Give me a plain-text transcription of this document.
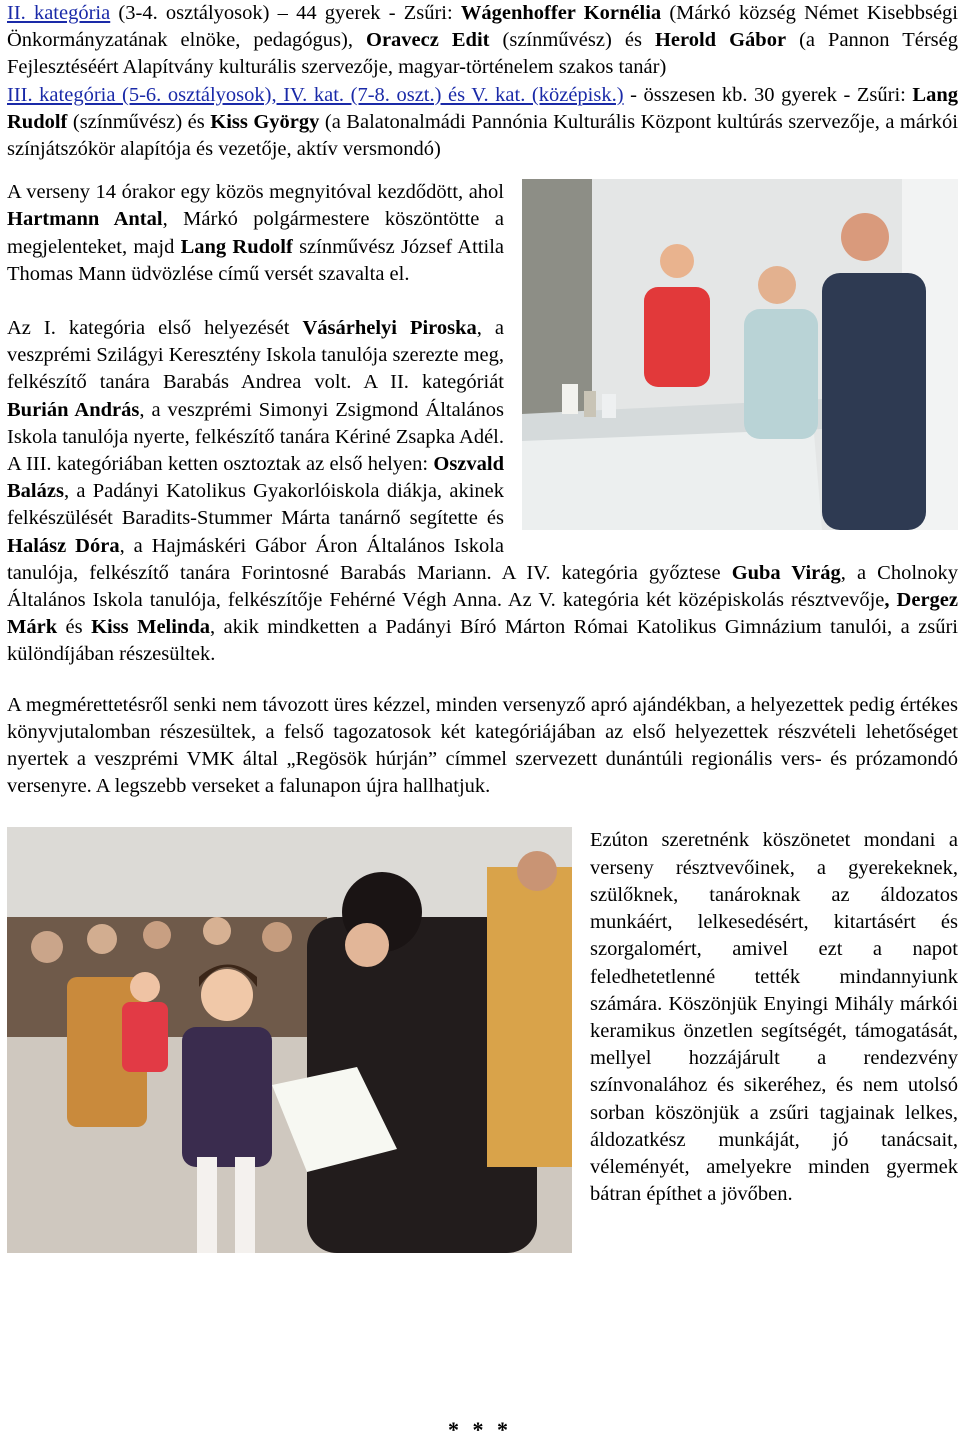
II. kategória (3-4. osztályosok) – 44 gyerek - Zsűri: Wágenhoffer Kornélia (Márkó község Német Kisebbségi Önkormányzatának elnöke, pedagógus), Oravecz Edit (színművész) és Herold Gábor (a Pannon Térség Fejlesztéséért Alapítvány kulturális szervezője, magyar-történelem szakos tanár)

III. kategória (5-6. osztályosok), IV. kat. (7-8. oszt.) és V. kat. (középisk.) - összesen kb. 30 gyerek - Zsűri: Lang Rudolf (színművész) és Kiss György (a Balatonalmádi Pannónia Kulturális Központ kultúrás szervezője, a márkói színjátszókör alapítója és vezetője, aktív versmondó)

A verseny 14 órakor egy közös megnyitóval kezdődött, ahol Hartmann Antal, Márkó polgármestere köszöntötte a megjelenteket, majd Lang Rudolf színművész József Attila Thomas Mann üdvözlése című versét szavalta el.

Az I. kategória első helyezését Vásárhelyi Piroska, a veszprémi Szilágyi Keresztény Iskola tanulója szerezte meg, felkészítő tanára Barabás Andrea volt. A II. kategóriát Burián András, a veszprémi Simonyi Zsigmond Általános Iskola tanulója nyerte, felkészítő tanára Kériné Zsapka Adél. A III. kategóriában ketten osztoztak az első helyen: Oszvald Balázs, a Padányi Katolikus Gyakorlóiskola diákja, akinek felkészülését Baradits-Stummer Márta tanárnő segítette és Halász Dóra, a Hajmáskéri Gábor Áron Általános Iskola tanulója, felkészítő tanára Forintosné Barabás Mariann. A IV. kategória győztese Guba Virág, a Cholnoky Általános Iskola tanulója, felkészítője Fehérné Végh Anna. Az V. kategória két középiskolás résztvevője, Dergez Márk és Kiss Melinda, akik mindketten a Padányi Bíró Márton Római Katolikus Gimnázium tanulói, a zsűri különdíjában részesültek.

A megmérettetésről senki nem távozott üres kézzel, minden versenyző apró ajándékban, a helyezettek pedig értékes könyvjutalomban részesültek, a felső tagozatosok két kategóriájában az első helyezettek részvételi lehetőséget nyertek a veszprémi VMK által „Regösök húrján” címmel szervezett dunántúli regionális vers- és prózamondó versenyre. A legszebb verseket a falunapon újra hallhatjuk.

Ezúton szeretnénk köszönetet mondani a verseny résztvevőinek, a gyerekeknek, szülőknek, tanároknak az áldozatos munkáért, lelkesedésért, kitartásért és szorgalomért, amivel ezt a napot feledhetetlenné tették mindannyiunk számára. Köszönjük Enyingi Mihály márkói keramikus önzetlen segítségét, támogatását, mellyel hozzájárult a rendezvény színvonalához és sikeréhez, és nem utolsó sorban köszönjük a zsűri tagjainak lelkes, áldozatkész munkáját, jó tanácsait, véleményét, amelyekre minden gyermek bátran építhet a jövőben.

* * *
